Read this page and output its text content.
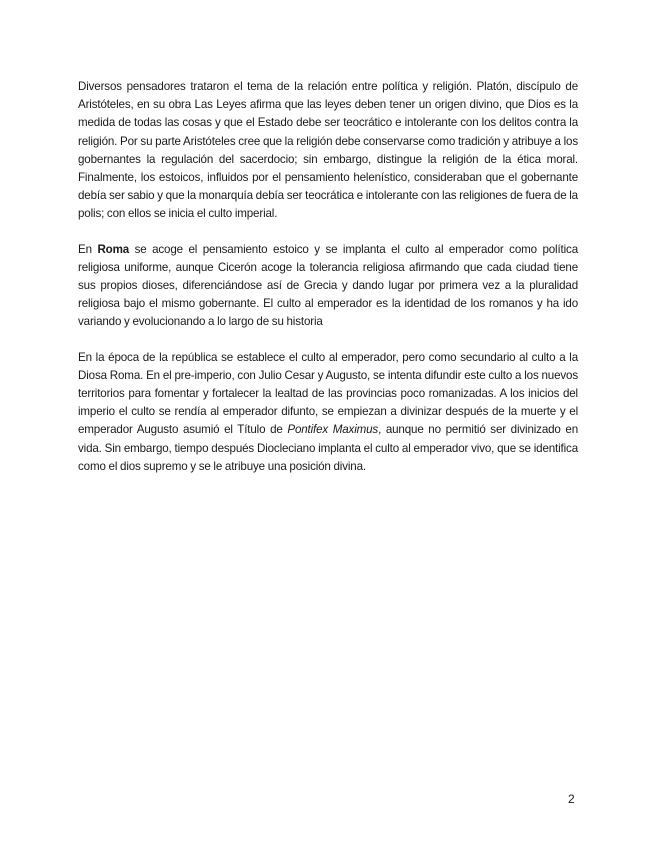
Diversos pensadores trataron el tema de la relación entre política y religión. Platón, discípulo de Aristóteles, en su obra Las Leyes afirma que las leyes deben tener un origen divino, que Dios es la medida de todas las cosas y que el Estado debe ser teocrático e intolerante con los delitos contra la religión. Por su parte Aristóteles cree que la religión debe conservarse como tradición y atribuye a los gobernantes la regulación del sacerdocio; sin embargo, distingue la religión de la ética moral. Finalmente, los estoicos, influidos por el pensamiento helenístico, consideraban que el gobernante debía ser sabio y que la monarquía debía ser teocrática e intolerante con las religiones de fuera de la polis; con ellos se inicia el culto imperial.

En Roma se acoge el pensamiento estoico y se implanta el culto al emperador como política religiosa uniforme, aunque Cicerón acoge la tolerancia religiosa afirmando que cada ciudad tiene sus propios dioses, diferenciándose así de Grecia y dando lugar por primera vez a la pluralidad religiosa bajo el mismo gobernante. El culto al emperador es la identidad de los romanos y ha ido variando y evolucionando a lo largo de su historia

En la época de la república se establece el culto al emperador, pero como secundario al culto a la Diosa Roma. En el pre-imperio, con Julio Cesar y Augusto, se intenta difundir este culto a los nuevos territorios para fomentar y fortalecer la lealtad de las provincias poco romanizadas. A los inicios del imperio el culto se rendía al emperador difunto, se empiezan a divinizar después de la muerte y el emperador Augusto asumió el Título de Pontifex Maximus, aunque no permitió ser divinizado en vida. Sin embargo, tiempo después Diocleciano implanta el culto al emperador vivo, que se identifica como el dios supremo y se le atribuye una posición divina.

2
